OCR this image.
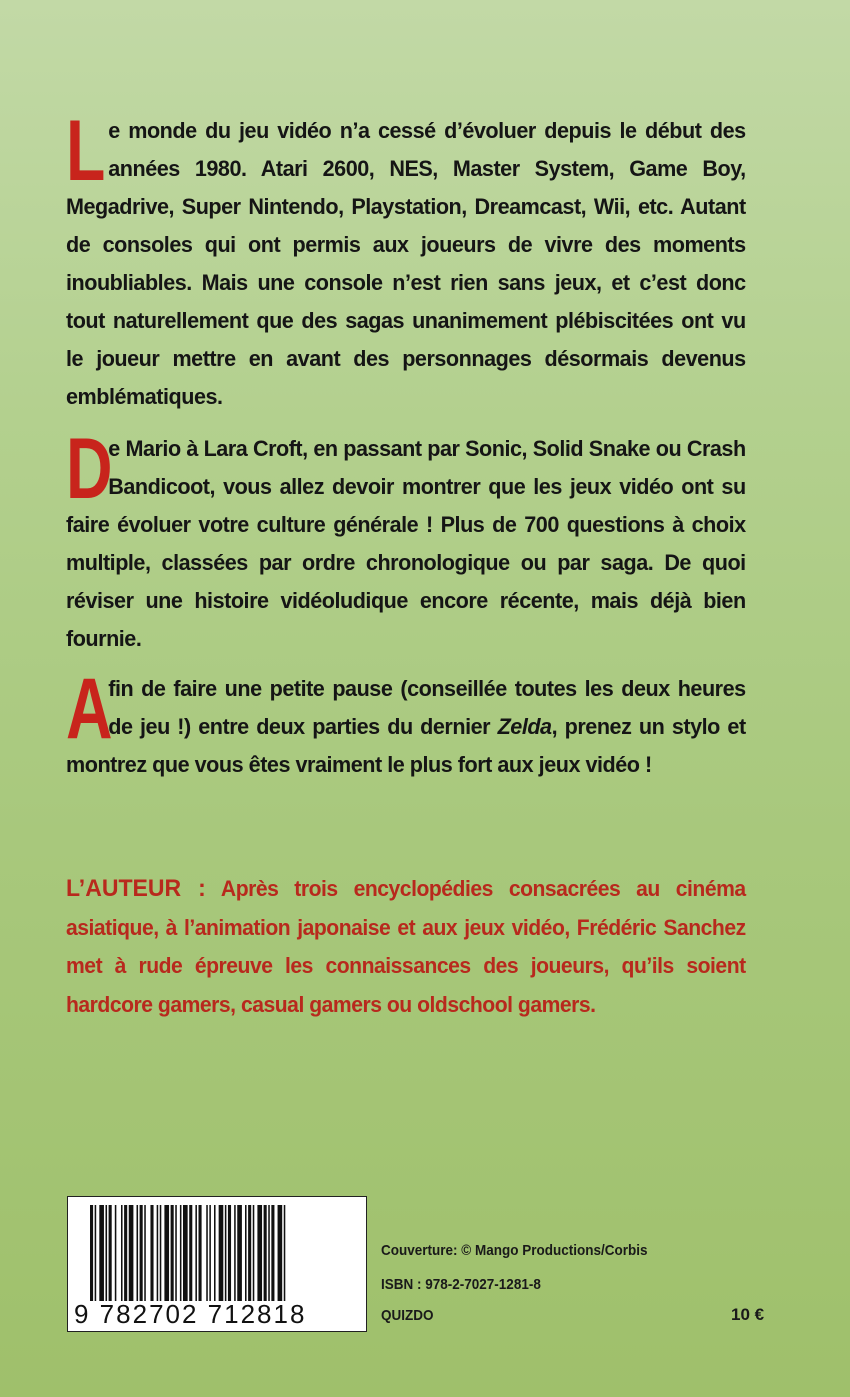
Le monde du jeu vidéo n’a cessé d’évoluer depuis le début des années 1980. Atari 2600, NES, Master System, Game Boy, Megadrive, Super Nintendo, Playstation, Dreamcast, Wii, etc. Autant de consoles qui ont permis aux joueurs de vivre des moments inoubliables. Mais une console n’est rien sans jeux, et c’est donc tout naturellement que des sagas unanimement plébiscitées ont vu le joueur mettre en avant des personnages désormais devenus emblématiques.
D
e Mario à Lara Croft, en passant par Sonic, Solid Snake ou Crash Bandicoot, vous allez devoir montrer que les jeux vidéo ont su faire évoluer votre culture générale ! Plus de 700 questions à choix multiple, classées par ordre chronologique ou par saga. De quoi réviser une histoire vidéoludique encore récente, mais déjà bien fournie.
A
fin de faire une petite pause (conseillée toutes les deux heures de jeu !) entre deux parties du dernier Zelda, prenez un stylo et montrez que vous êtes vraiment le plus fort aux jeux vidéo !
L’AUTEUR : Après trois encyclopédies consacrées au cinéma asiatique, à l’animation japonaise et aux jeux vidéo, Frédéric Sanchez met à rude épreuve les connaissances des joueurs, qu’ils soient hardcore gamers, casual gamers ou oldschool gamers.
9 782702 712818
Couverture: © Mango Productions/Corbis
ISBN : 978-2-7027-1281-8
QUIZDO	10 €
